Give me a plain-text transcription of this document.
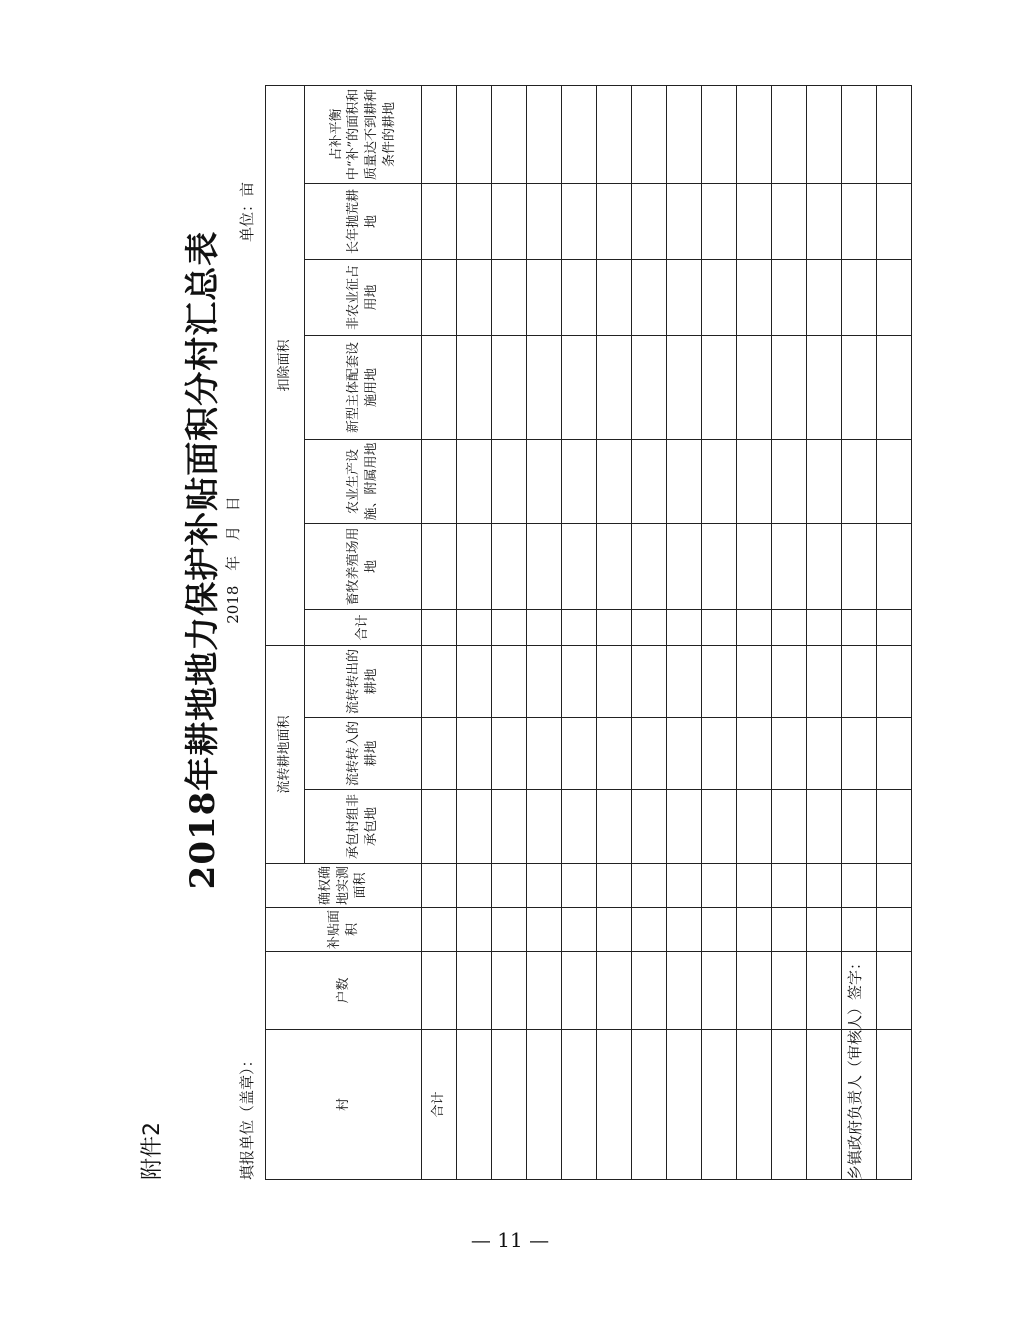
附件2
2018年耕地地力保护补贴面积分村汇总表 2018 年 月 日
填报单位（盖章）：
单位：亩
村	户数	补贴面积	确权确地实测面积	流转耕地面积			扣除面积						
				承包村组非承包地	流转转入的耕地	流转转出的耕地	合计	畜牧养殖场用地	农业生产设施、附属用地	新型主体配套设施用地	非农业征占用地	长年抛荒耕地	占补平衡中“补”的面积和质量达不到耕种条件的耕地
合计													

														乡镇政府负责人（审核人）签字：
— 11 —
